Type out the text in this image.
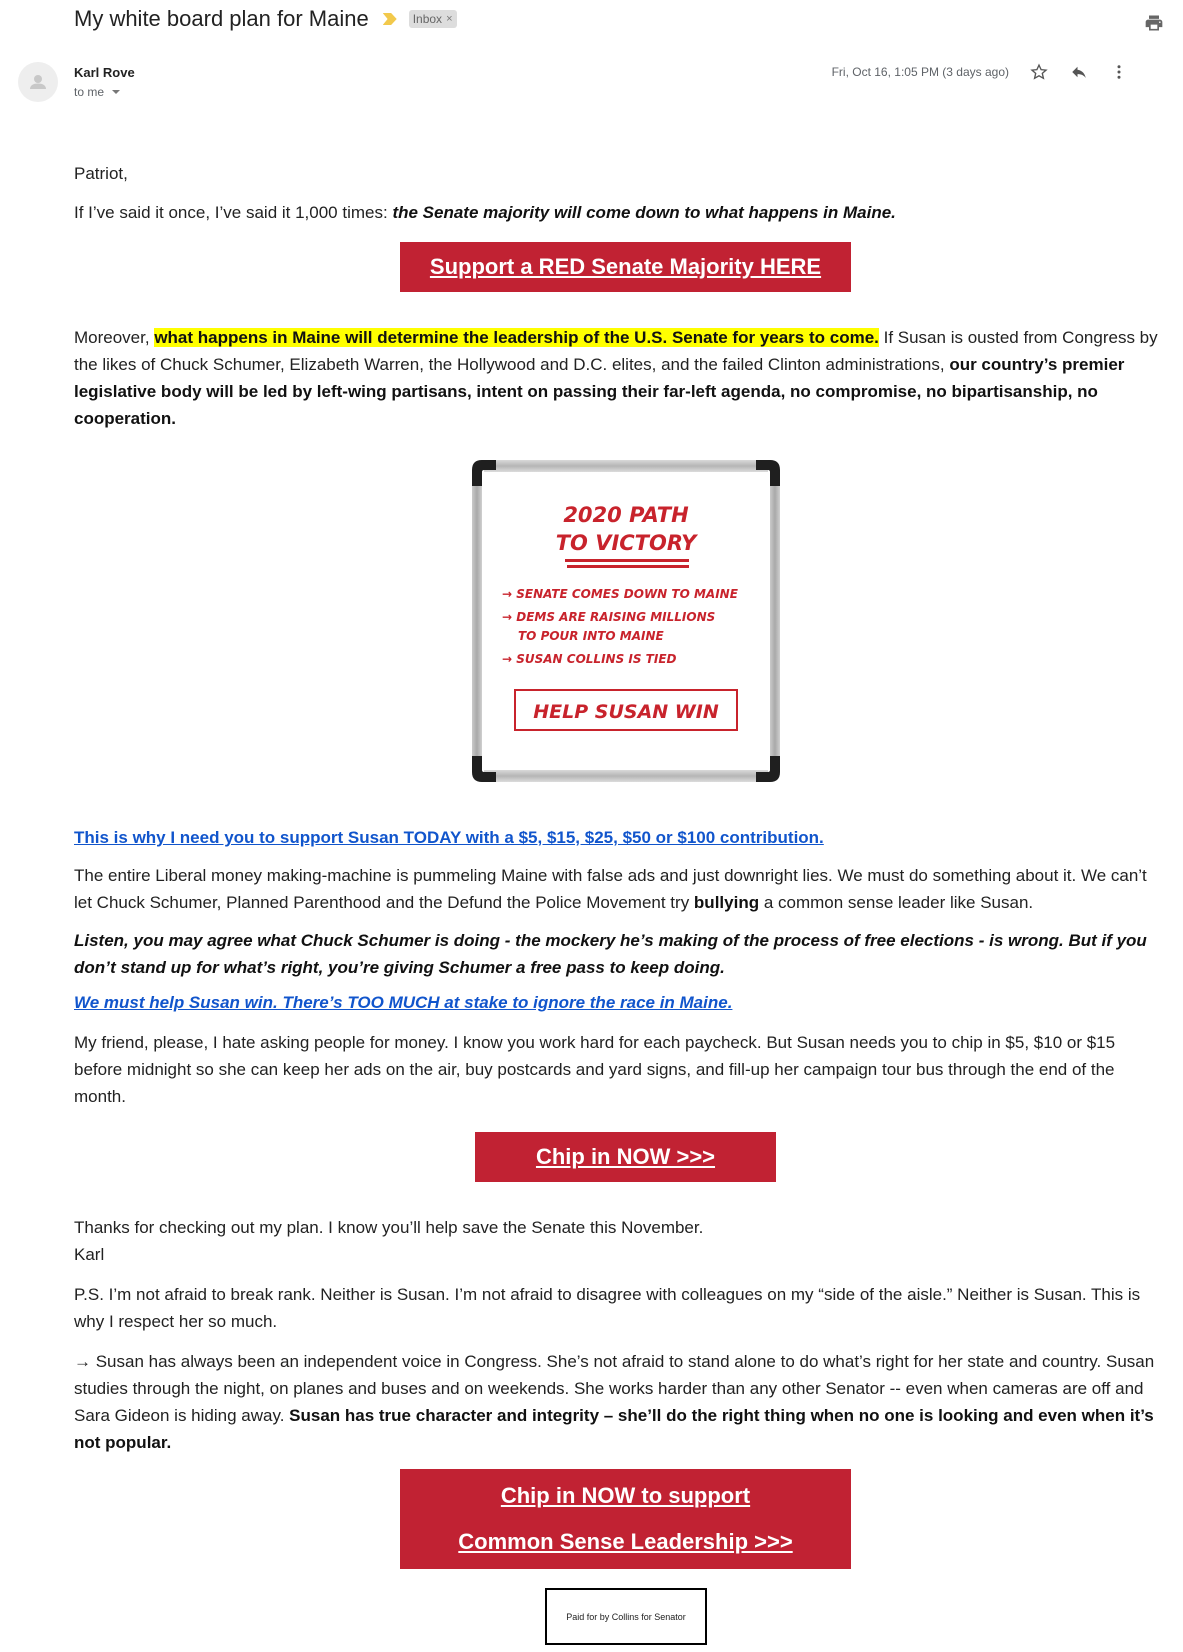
My white board plan for Maine	Inbox ×
Karl Rove
to me
Fri, Oct 16, 1:05 PM (3 days ago)

Patriot,

If I’ve said it once, I’ve said it 1,000 times: the Senate majority will come down to what happens in Maine.

Support a RED Senate Majority HERE

Moreover, what happens in Maine will determine the leadership of the U.S. Senate for years to come. If Susan is ousted from Congress by the likes of Chuck Schumer, Elizabeth Warren, the Hollywood and D.C. elites, and the failed Clinton administrations, our country’s premier legislative body will be led by left-wing partisans, intent on passing their far-left agenda, no compromise, no bipartisanship, no cooperation.

2020 PATH
TO VICTORY
→ SENATE COMES DOWN TO MAINE
→ DEMS ARE RAISING MILLIONS
TO POUR INTO MAINE
→ SUSAN COLLINS IS TIED
HELP SUSAN WIN

This is why I need you to support Susan TODAY with a $5, $15, $25, $50 or $100 contribution.

The entire Liberal money making-machine is pummeling Maine with false ads and just downright lies. We must do something about it. We can’t let Chuck Schumer, Planned Parenthood and the Defund the Police Movement try bullying a common sense leader like Susan.

Listen, you may agree what Chuck Schumer is doing - the mockery he’s making of the process of free elections - is wrong. But if you don’t stand up for what’s right, you’re giving Schumer a free pass to keep doing.

We must help Susan win. There’s TOO MUCH at stake to ignore the race in Maine.

My friend, please, I hate asking people for money. I know you work hard for each paycheck. But Susan needs you to chip in $5, $10 or $15 before midnight so she can keep her ads on the air, buy postcards and yard signs, and fill-up her campaign tour bus through the end of the month.

Chip in NOW >>>

Thanks for checking out my plan. I know you’ll help save the Senate this November.

Karl

P.S. I’m not afraid to break rank. Neither is Susan. I’m not afraid to disagree with colleagues on my “side of the aisle.” Neither is Susan. This is why I respect her so much.

→ Susan has always been an independent voice in Congress. She’s not afraid to stand alone to do what’s right for her state and country. Susan studies through the night, on planes and buses and on weekends. She works harder than any other Senator -- even when cameras are off and Sara Gideon is hiding away. Susan has true character and integrity – she’ll do the right thing when no one is looking and even when it’s not popular.

Chip in NOW to support
Common Sense Leadership >>>
Paid for by Collins for Senator
